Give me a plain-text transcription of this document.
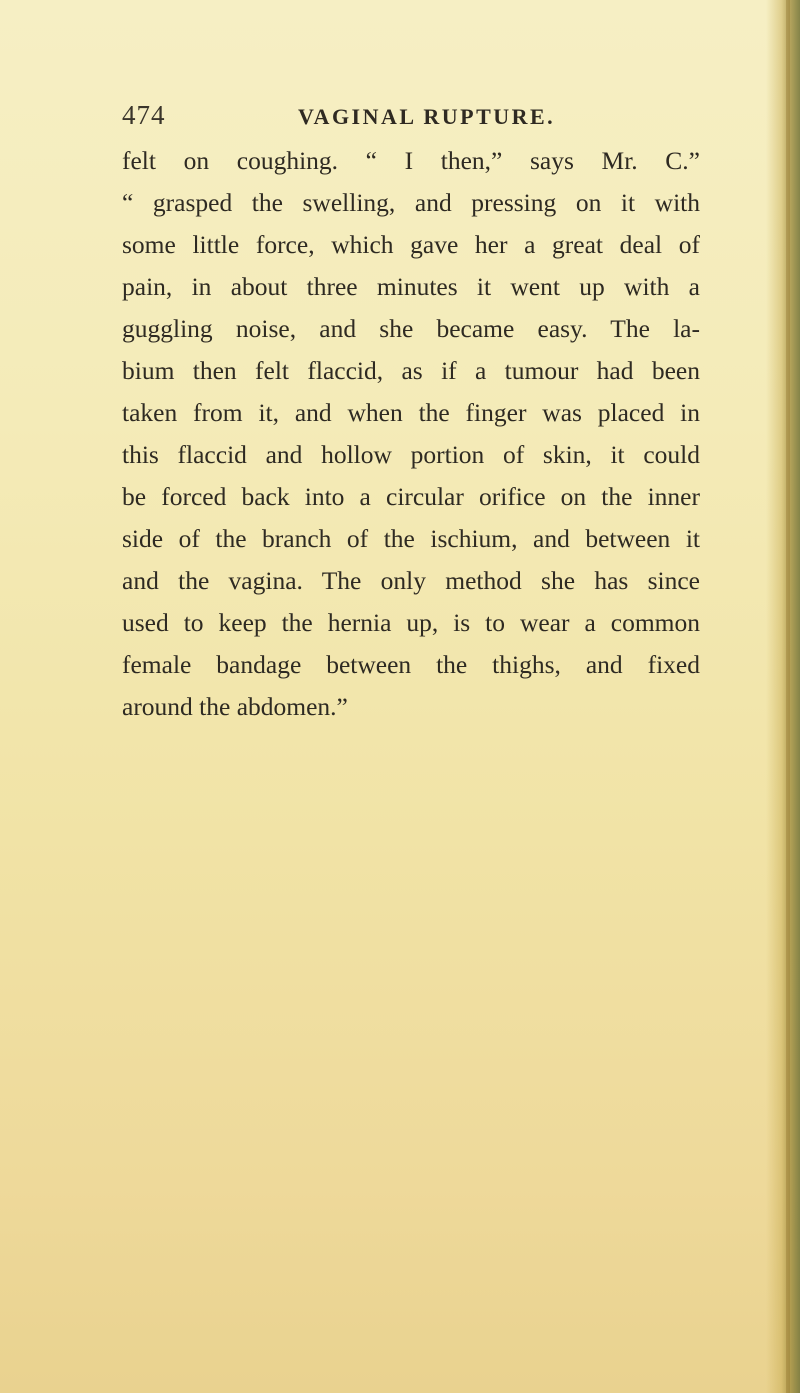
474	VAGINAL RUPTURE.
felt on coughing. “ I then,” says Mr. C.”
“ grasped the swelling, and pressing on it with
some little force, which gave her a great deal of
pain, in about three minutes it went up with a
guggling noise, and she became easy. The la-
bium then felt flaccid, as if a tumour had been
taken from it, and when the finger was placed in
this flaccid and hollow portion of skin, it could
be forced back into a circular orifice on the inner
side of the branch of the ischium, and between it
and the vagina. The only method she has since
used to keep the hernia up, is to wear a common
female bandage between the thighs, and fixed
around the abdomen.”
